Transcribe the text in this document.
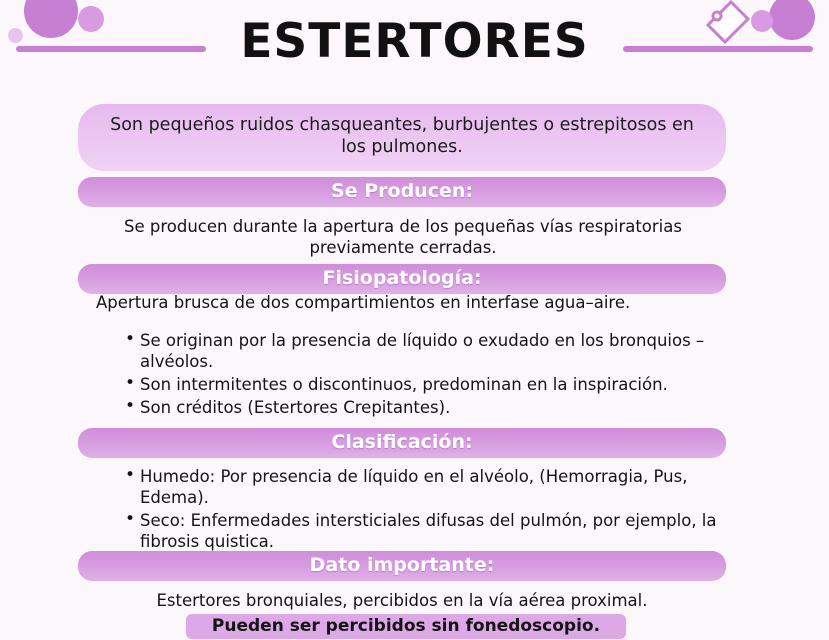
ESTERTORES
Son pequeños ruidos chasqueantes, burbujentes o estrepitosos en los pulmones.
Se Producen:
Se producen durante la apertura de los pequeñas vías respiratorias previamente cerradas.
Fisiopatología:
Apertura brusca de dos compartimientos en interfase agua–aire.
• Se originan por la presencia de líquido o exudado en los bronquios – alvéolos.
• Son intermitentes o discontinuos, predominan en la inspiración.
• Son créditos (Estertores Crepitantes).
Clasificación:
• Humedo: Por presencia de líquido en el alvéolo, (Hemorragia, Pus, Edema).
• Seco: Enfermedades intersticiales difusas del pulmón, por ejemplo, la fibrosis quistica.
Dato importante:
Estertores bronquiales, percibidos en la vía aérea proximal.
Pueden ser percibidos sin fonedoscopio.
